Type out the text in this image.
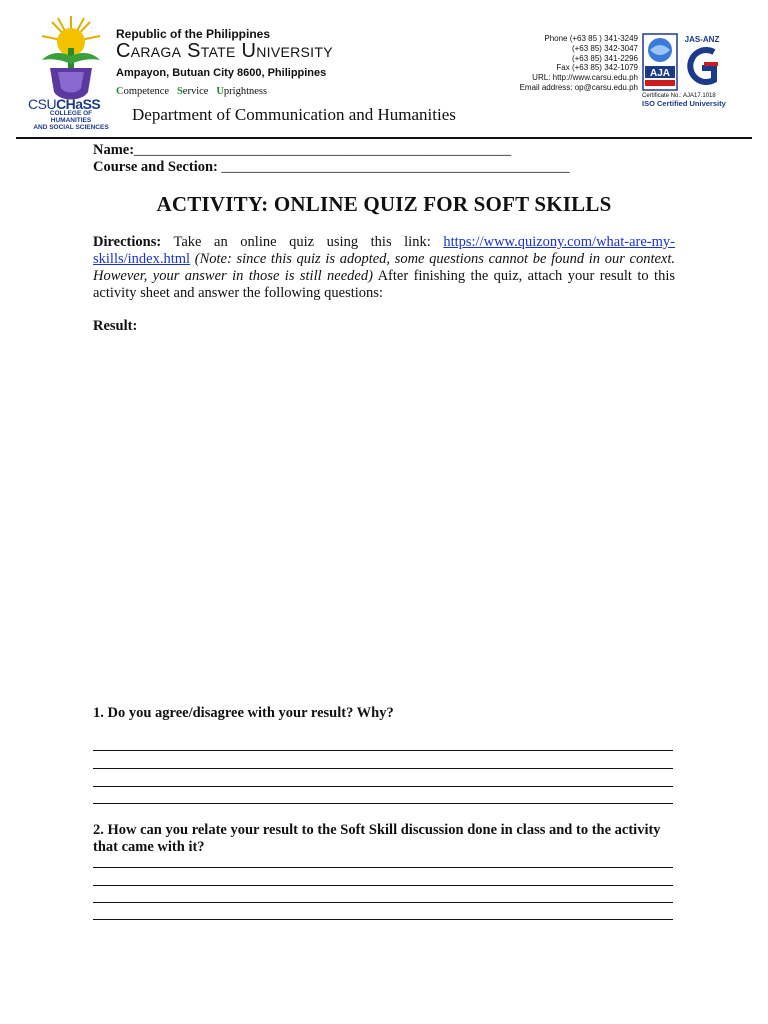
CSUCHaSS
COLLEGE OF HUMANITIES
AND SOCIAL SCIENCES
Republic of the Philippines
Caraga State University
Ampayon, Butuan City 8600, Philippines
Competence Service Uprightness
Department of Communication and Humanities
Phone (+63 85 ) 341-3249
(+63 85) 342-3047
(+63 85) 341-2296
Fax (+63 85) 342-1079
URL: http://www.carsu.edu.ph
Email address: op@carsu.edu.ph
AJA
JAS-ANZ
Certificate No.: AJA17.1018
ISO Certified University
Name:____________________________________________________
Course and Section: ________________________________________________
ACTIVITY: ONLINE QUIZ FOR SOFT SKILLS
Directions: Take an online quiz using this link: https://www.quizony.com/what-are-my-skills/index.html (Note: since this quiz is adopted, some questions cannot be found in our context. However, your answer in those is still needed) After finishing the quiz, attach your result to this activity sheet and answer the following questions:
Result:
1. Do you agree/disagree with your result? Why?
2. How can you relate your result to the Soft Skill discussion done in class and to the activity that came with it?
